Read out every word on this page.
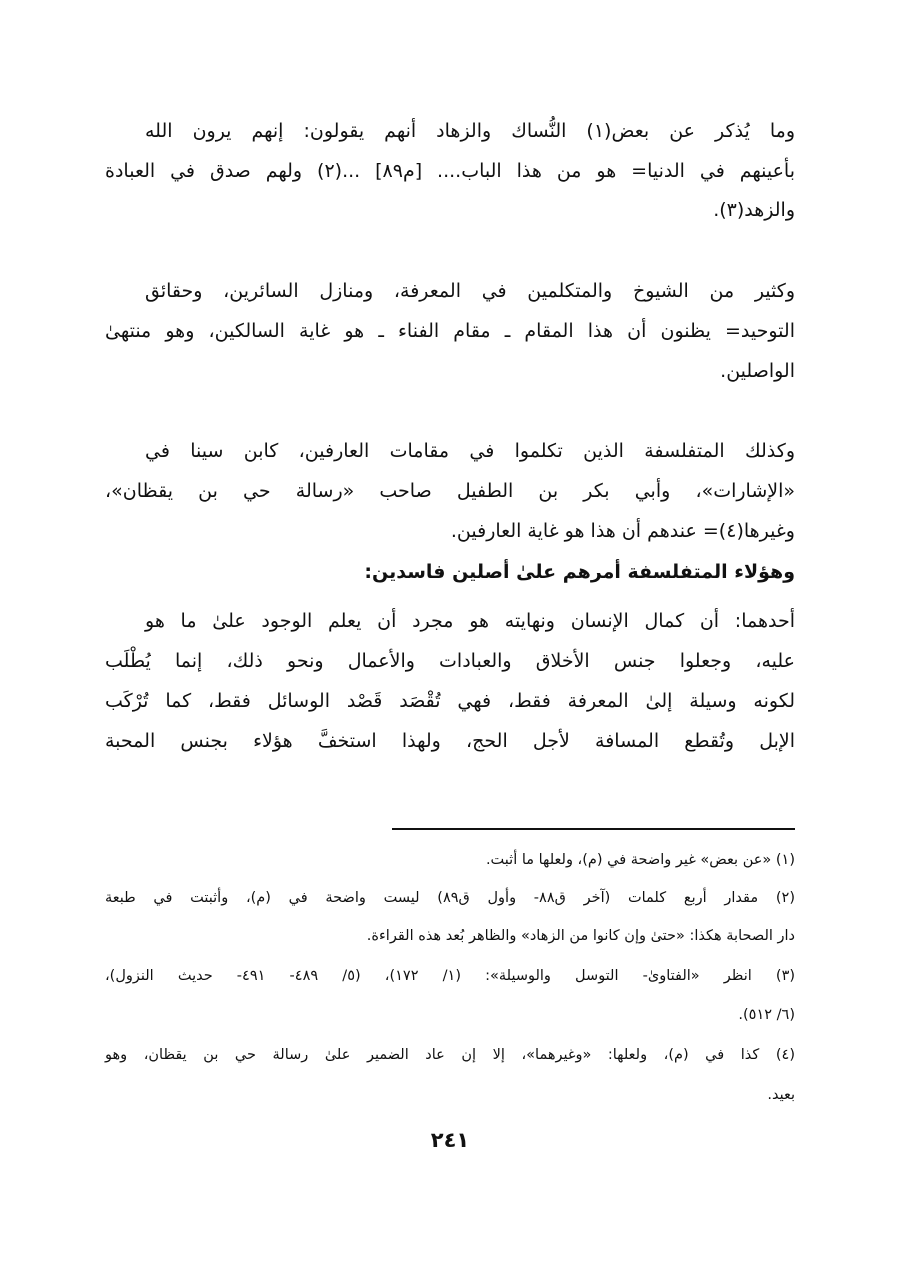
وما يُذكر عن بعض(١) النُّساك والزهاد أنهم يقولون: إنهم يرون الله
بأعينهم في الدنيا= هو من هذا الباب.... [م٨٩] ...(٢) ولهم صدق في العبادة
والزهد(٣).
وكثير من الشيوخ والمتكلمين في المعرفة، ومنازل السائرين، وحقائق
التوحيد= يظنون أن هذا المقام ـ مقام الفناء ـ هو غاية السالكين، وهو منتهىٰ
الواصلين.
وكذلك المتفلسفة الذين تكلموا في مقامات العارفين، كابن سينا في
«الإشارات»، وأبي بكر بن الطفيل صاحب «رسالة حي بن يقظان»،
وغيرها(٤)= عندهم أن هذا هو غاية العارفين.
وهؤلاء المتفلسفة أمرهم علىٰ أصلين فاسدين:
أحدهما: أن كمال الإنسان ونهايته هو مجرد أن يعلم الوجود علىٰ ما هو
عليه، وجعلوا جنس الأخلاق والعبادات والأعمال ونحو ذلك، إنما يُطْلَب
لكونه وسيلة إلىٰ المعرفة فقط، فهي تُقْصَد قَصْد الوسائل فقط، كما تُرْكَب
الإبل وتُقطع المسافة لأجل الحج، ولهذا استخفَّ هؤلاء بجنس المحبة
(١) «عن بعض» غير واضحة في (م)، ولعلها ما أثبت.
(٢) مقدار أربع كلمات (آخر ق٨٨- وأول ق٨٩) ليست واضحة في (م)، وأثبتت في طبعة
دار الصحابة هكذا: «حتىٰ وإن كانوا من الزهاد» والظاهر بُعد هذه القراءة.
(٣) انظر «الفتاوىٰ- التوسل والوسيلة»: (١/ ١٧٢)، (٥/ ٤٨٩- ٤٩١- حديث النزول)،
(٦/ ٥١٢).
(٤) كذا في (م)، ولعلها: «وغيرهما»، إلا إن عاد الضمير علىٰ رسالة حي بن يقظان، وهو
بعيد.
٢٤١
